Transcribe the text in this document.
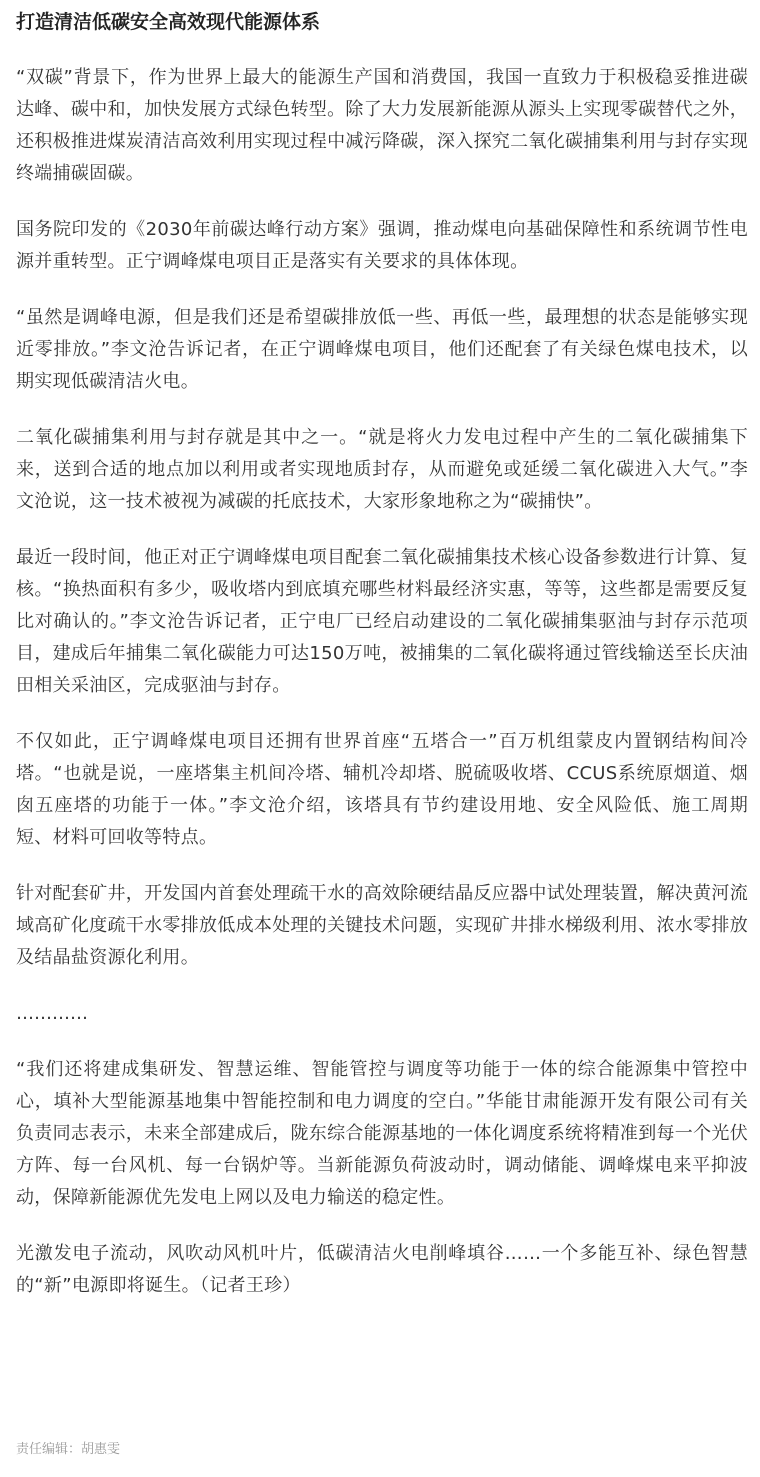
打造清洁低碳安全高效现代能源体系

“双碳”背景下，作为世界上最大的能源生产国和消费国，我国一直致力于积极稳妥推进碳达峰、碳中和，加快发展方式绿色转型。除了大力发展新能源从源头上实现零碳替代之外，还积极推进煤炭清洁高效利用实现过程中减污降碳，深入探究二氧化碳捕集利用与封存实现终端捕碳固碳。

国务院印发的《2030年前碳达峰行动方案》强调，推动煤电向基础保障性和系统调节性电源并重转型。正宁调峰煤电项目正是落实有关要求的具体体现。

“虽然是调峰电源，但是我们还是希望碳排放低一些、再低一些，最理想的状态是能够实现近零排放。”李文沧告诉记者，在正宁调峰煤电项目，他们还配套了有关绿色煤电技术，以期实现低碳清洁火电。

二氧化碳捕集利用与封存就是其中之一。“就是将火力发电过程中产生的二氧化碳捕集下来，送到合适的地点加以利用或者实现地质封存，从而避免或延缓二氧化碳进入大气。”李文沧说，这一技术被视为减碳的托底技术，大家形象地称之为“碳捕快”。

最近一段时间，他正对正宁调峰煤电项目配套二氧化碳捕集技术核心设备参数进行计算、复核。“换热面积有多少，吸收塔内到底填充哪些材料最经济实惠，等等，这些都是需要反复比对确认的。”李文沧告诉记者，正宁电厂已经启动建设的二氧化碳捕集驱油与封存示范项目，建成后年捕集二氧化碳能力可达150万吨，被捕集的二氧化碳将通过管线输送至长庆油田相关采油区，完成驱油与封存。

不仅如此，正宁调峰煤电项目还拥有世界首座“五塔合一”百万机组蒙皮内置钢结构间冷塔。“也就是说，一座塔集主机间冷塔、辅机冷却塔、脱硫吸收塔、CCUS系统原烟道、烟囱五座塔的功能于一体。”李文沧介绍，该塔具有节约建设用地、安全风险低、施工周期短、材料可回收等特点。

针对配套矿井，开发国内首套处理疏干水的高效除硬结晶反应器中试处理装置，解决黄河流域高矿化度疏干水零排放低成本处理的关键技术问题，实现矿井排水梯级利用、浓水零排放及结晶盐资源化利用。

…………

“我们还将建成集研发、智慧运维、智能管控与调度等功能于一体的综合能源集中管控中心，填补大型能源基地集中智能控制和电力调度的空白。”华能甘肃能源开发有限公司有关负责同志表示，未来全部建成后，陇东综合能源基地的一体化调度系统将精准到每一个光伏方阵、每一台风机、每一台锅炉等。当新能源负荷波动时，调动储能、调峰煤电来平抑波动，保障新能源优先发电上网以及电力输送的稳定性。

光激发电子流动，风吹动风机叶片，低碳清洁火电削峰填谷……一个多能互补、绿色智慧的“新”电源即将诞生。（记者王珍）

责任编辑：胡惠雯
